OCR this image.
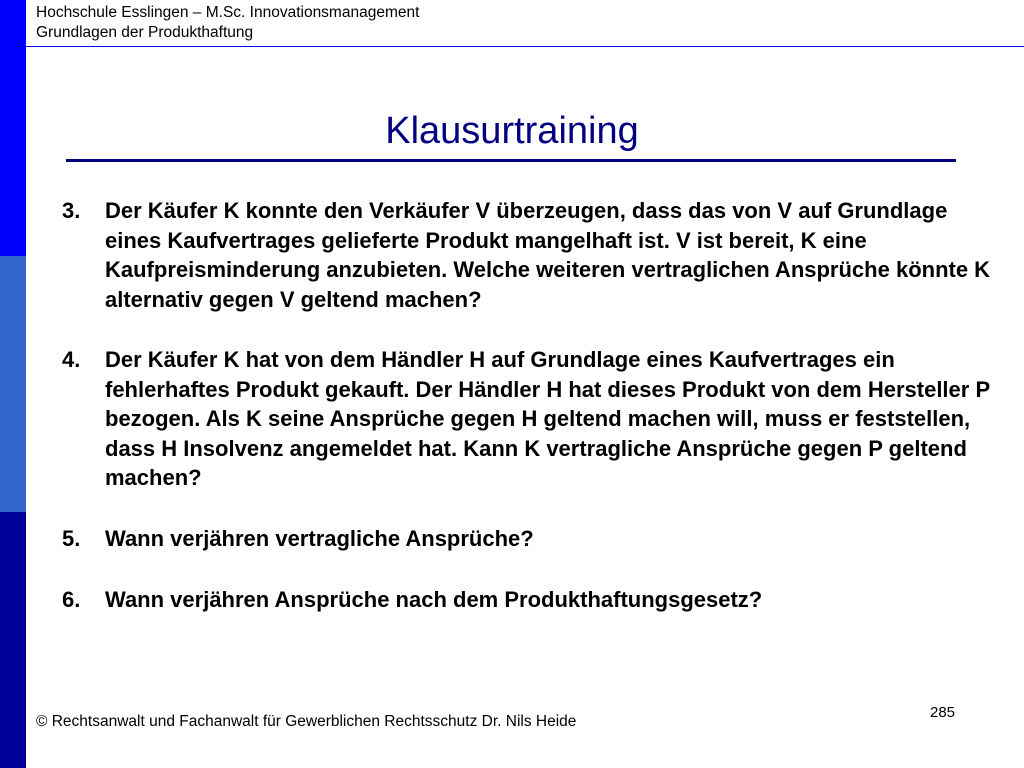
Hochschule Esslingen – M.Sc. Innovationsmanagement
Grundlagen der Produkthaftung
Klausurtraining
3.	Der Käufer K konnte den Verkäufer V überzeugen, dass das von V auf Grundlage eines Kaufvertrages gelieferte Produkt mangelhaft ist. V ist bereit, K eine Kaufpreisminderung anzubieten. Welche weiteren vertraglichen Ansprüche könnte K alternativ gegen V geltend machen?
4.	Der Käufer K hat von dem Händler H auf Grundlage eines Kaufvertrages ein fehlerhaftes Produkt gekauft. Der Händler H hat dieses Produkt von dem Hersteller P bezogen. Als K seine Ansprüche gegen H geltend machen will, muss er feststellen, dass H Insolvenz angemeldet hat. Kann K vertragliche Ansprüche gegen P geltend machen?
5.	Wann verjähren vertragliche Ansprüche?
6.	Wann verjähren Ansprüche nach dem Produkthaftungsgesetz?
285
© Rechtsanwalt und Fachanwalt für Gewerblichen Rechtsschutz Dr. Nils Heide
